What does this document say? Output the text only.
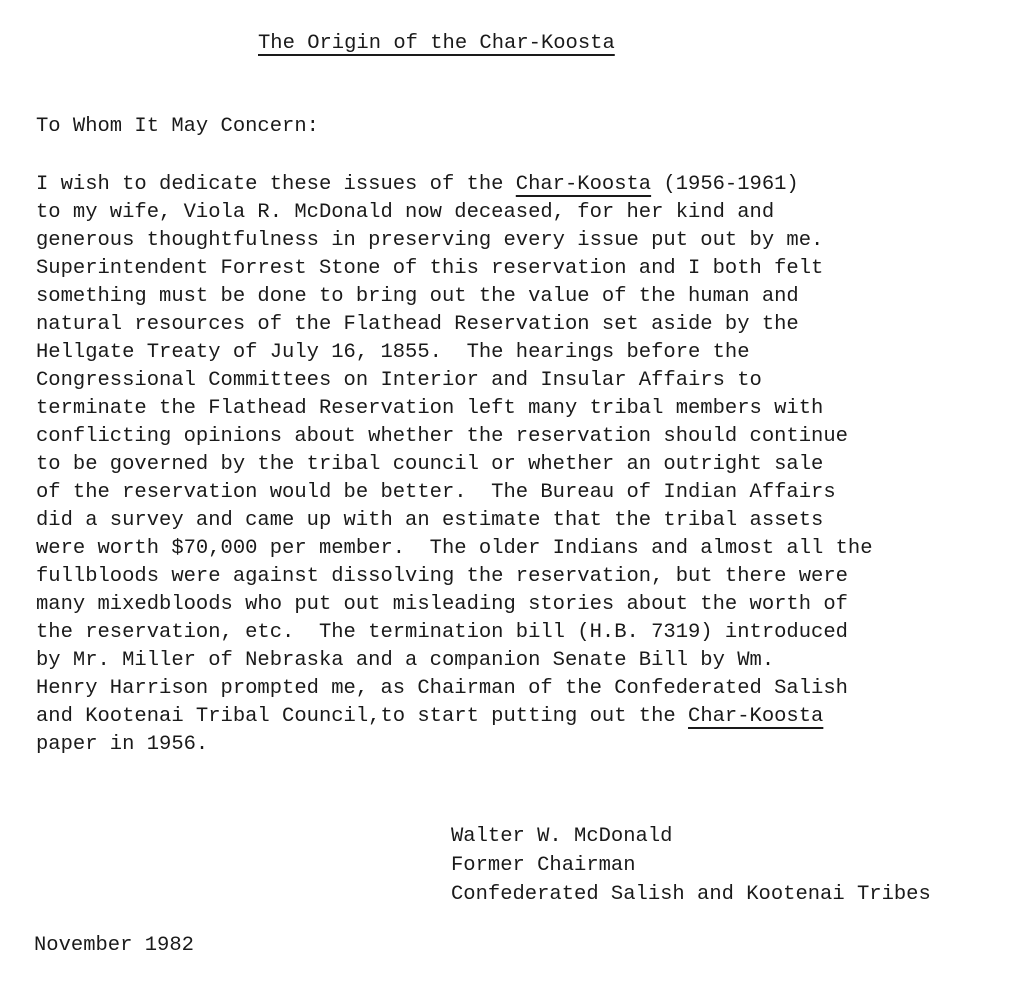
The Origin of the Char-Koosta
To Whom It May Concern:
I wish to dedicate these issues of the Char-Koosta (1956-1961)
to my wife, Viola R. McDonald now deceased, for her kind and
generous thoughtfulness in preserving every issue put out by me.
Superintendent Forrest Stone of this reservation and I both felt
something must be done to bring out the value of the human and
natural resources of the Flathead Reservation set aside by the
Hellgate Treaty of July 16, 1855.  The hearings before the
Congressional Committees on Interior and Insular Affairs to
terminate the Flathead Reservation left many tribal members with
conflicting opinions about whether the reservation should continue
to be governed by the tribal council or whether an outright sale
of the reservation would be better.  The Bureau of Indian Affairs
did a survey and came up with an estimate that the tribal assets
were worth $70,000 per member.  The older Indians and almost all the
fullbloods were against dissolving the reservation, but there were
many mixedbloods who put out misleading stories about the worth of
the reservation, etc.  The termination bill (H.B. 7319) introduced
by Mr. Miller of Nebraska and a companion Senate Bill by Wm.
Henry Harrison prompted me, as Chairman of the Confederated Salish
and Kootenai Tribal Council,to start putting out the Char-Koosta
paper in 1956.
Walter W. McDonald
Former Chairman
Confederated Salish and Kootenai Tribes
November 1982
